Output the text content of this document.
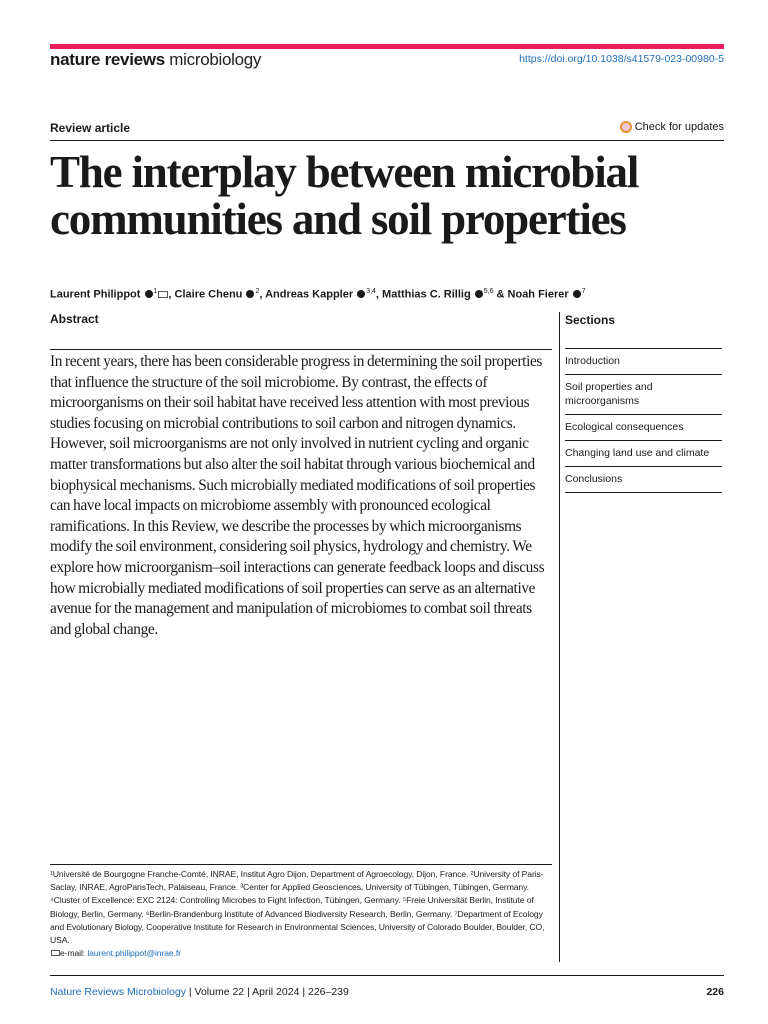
nature reviews microbiology	https://doi.org/10.1038/s41579-023-00980-5
Review article	Check for updates
The interplay between microbial communities and soil properties
Laurent Philippot $^1$ , Claire Chenu $^2$, Andreas Kappler $^{3,4}$, Matthias C. Rillig $^{5,6}$ & Noah Fierer $^7$
Abstract

In recent years, there has been considerable progress in determining the soil properties that influence the structure of the soil microbiome. By contrast, the effects of microorganisms on their soil habitat have received less attention with most previous studies focusing on microbial contributions to soil carbon and nitrogen dynamics. However, soil microorganisms are not only involved in nutrient cycling and organic matter transformations but also alter the soil habitat through various biochemical and biophysical mechanisms. Such microbially mediated modifications of soil properties can have local impacts on microbiome assembly with pronounced ecological ramifications. In this Review, we describe the processes by which microorganisms modify the soil environment, considering soil physics, hydrology and chemistry. We explore how microorganism–soil interactions can generate feedback loops and discuss how microbially mediated modifications of soil properties can serve as an alternative avenue for the management and manipulation of microbiomes to combat soil threats and global change.

Sections
Introduction
Soil properties and microorganisms
Ecological consequences
Changing land use and climate
Conclusions
¹Université de Bourgogne Franche-Comté, INRAE, Institut Agro Dijon, Department of Agroecology, Dijon, France. ²University of Paris-Saclay, INRAE, AgroParisTech, Palaiseau, France. ³Center for Applied Geosciences, University of Tübingen, Tübingen, Germany. ⁴Cluster of Excellence: EXC 2124: Controlling Microbes to Fight Infection, Tübingen, Germany. ⁵Freie Universität Berlin, Institute of Biology, Berlin, Germany. ⁶Berlin-Brandenburg Institute of Advanced Biodiversity Research, Berlin, Germany. ⁷Department of Ecology and Evolutionary Biology, Cooperative Institute for Research in Environmental Sciences, University of Colorado Boulder, Boulder, CO, USA.
e-mail: laurent.philippot@inrae.fr
Nature Reviews Microbiology | Volume 22 | April 2024 | 226–239	226
